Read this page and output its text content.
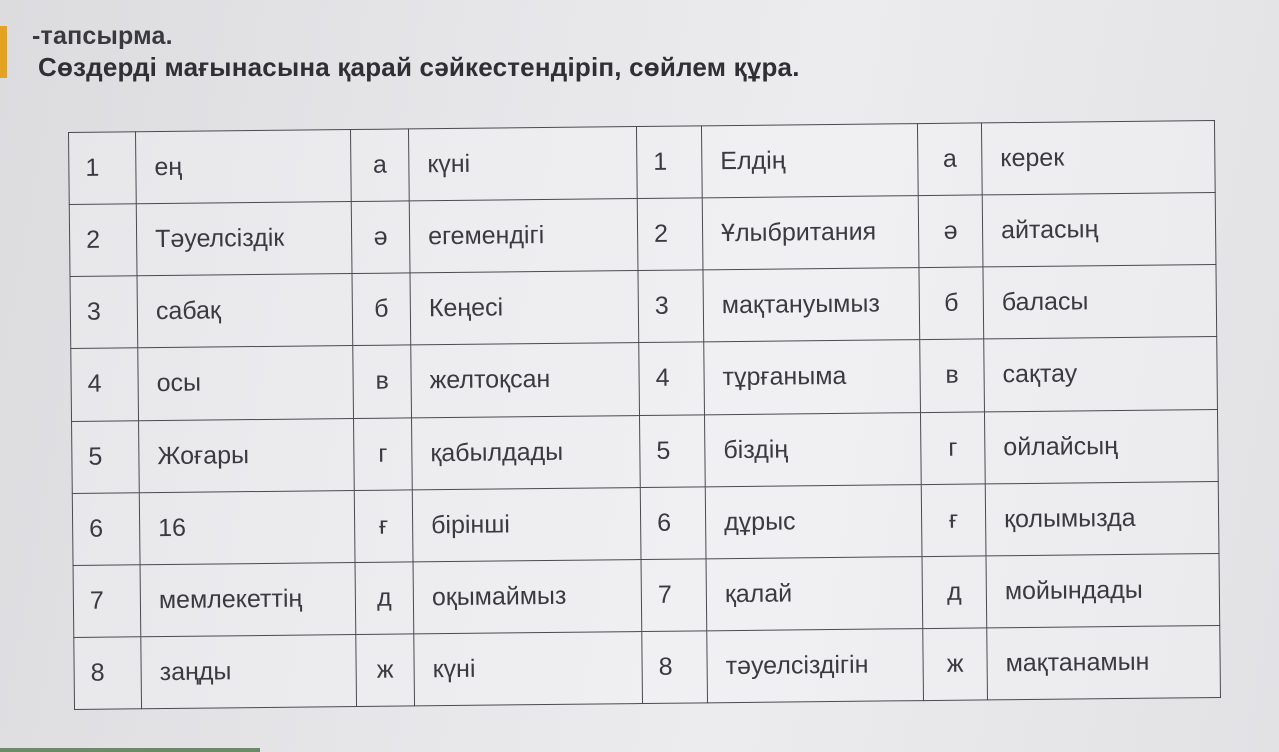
-тапсырма.
Сөздерді мағынасына қарай сәйкестендіріп, сөйлем құра.
1	ең	а	күні	1	Елдің	а	керек
2	Тәуелсіздік	ә	егемендігі	2	Ұлыбритания	ә	айтасың
3	сабақ	б	Кеңесі	3	мақтануымыз	б	баласы
4	осы	в	желтоқсан	4	тұрғаныма	в	сақтау
5	Жоғары	г	қабылдады	5	біздің	г	ойлайсың
6	16	ғ	бірінші	6	дұрыс	ғ	қолымызда
7	мемлекеттің	д	оқымаймыз	7	қалай	д	мойындады
8	заңды	ж	күні	8	тәуелсіздігін	ж	мақтанамын
